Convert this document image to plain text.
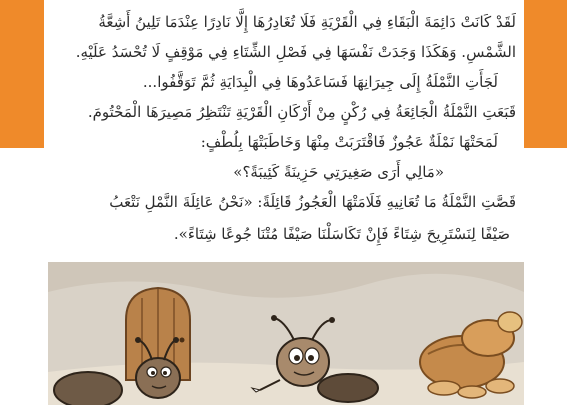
لَقَدْ كَانَتْ دَائِمَةَ الْبَقَاءِ فِي الْقَرْيَةِ فَلَا تُغَادِرُهَا إِلَّا نَادِرًا عِنْدَمَا تَلِينُ أَشِعَّةُ
الشَّمْسِ. وَهَكَذَا وَجَدَتْ نَفْسَهَا فِي فَصْلِ الشِّتَاءِ فِي مَوْقِفٍ لَا تُحْسَدُ عَلَيْهِ.
لَجَأَتِ النَّمْلَةُ إِلَى جِيرَانِهَا فَسَاعَدُوهَا فِي الْبِدَايَةِ ثُمَّ تَوَقَّفُوا...
قَبَعَتِ النَّمْلَةُ الْجَائِعَةُ فِي رُكْنٍ مِنْ أَرْكَانِ الْقَرْيَةِ تَنْتَظِرُ مَصِيرَهَا الْمَحْتُومَ.
لَمَحَتْهَا نَمْلَةٌ عَجُوزٌ فَاقْتَرَبَتْ مِنْهَا وَخَاطَبَتْهَا بِلُطْفٍ:
«مَالِي أَرَى صَغِيرَتِي حَزِينَةً كَئِيبَةً؟»
قَصَّتِ النَّمْلَةُ مَا تُعَانِيهِ فَلَامَتْهَا الْعَجُوزُ قَائِلَةً: «نَحْنُ عَائِلَةَ النَّمْلِ نَتْعَبُ
صَيْفًا لِنَسْتَرِيحَ شِتَاءً فَإِنْ تَكَاسَلْنَا صَيْفًا مُتْنَا جُوعًا شِتَاءً».
